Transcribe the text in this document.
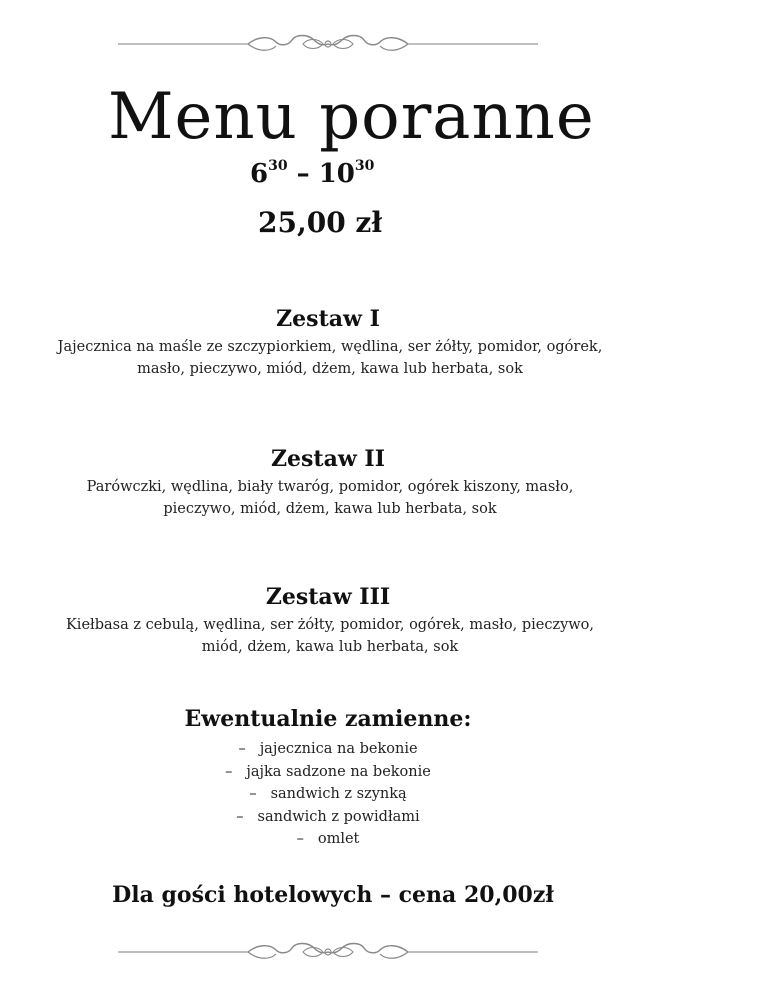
Menu poranne
$6^{30} - 10^{30}$
25,00 zł
Zestaw I
Jajecznica na maśle ze szczypiorkiem, wędlina, ser żółty, pomidor, ogórek,
masło, pieczywo, miód, dżem, kawa lub herbata, sok
Zestaw II
Parówczki, wędlina, biały twaróg, pomidor, ogórek kiszony, masło,
pieczywo, miód, dżem, kawa lub herbata, sok
Zestaw III
Kiełbasa z cebulą, wędlina, ser żółty, pomidor, ogórek, masło, pieczywo,
miód, dżem, kawa lub herbata, sok
Ewentualnie zamienne:
– jajecznica na bekonie
– jajka sadzone na bekonie
– sandwich z szynką
– sandwich z powidłami
– omlet
Dla gości hotelowych – cena 20,00zł
